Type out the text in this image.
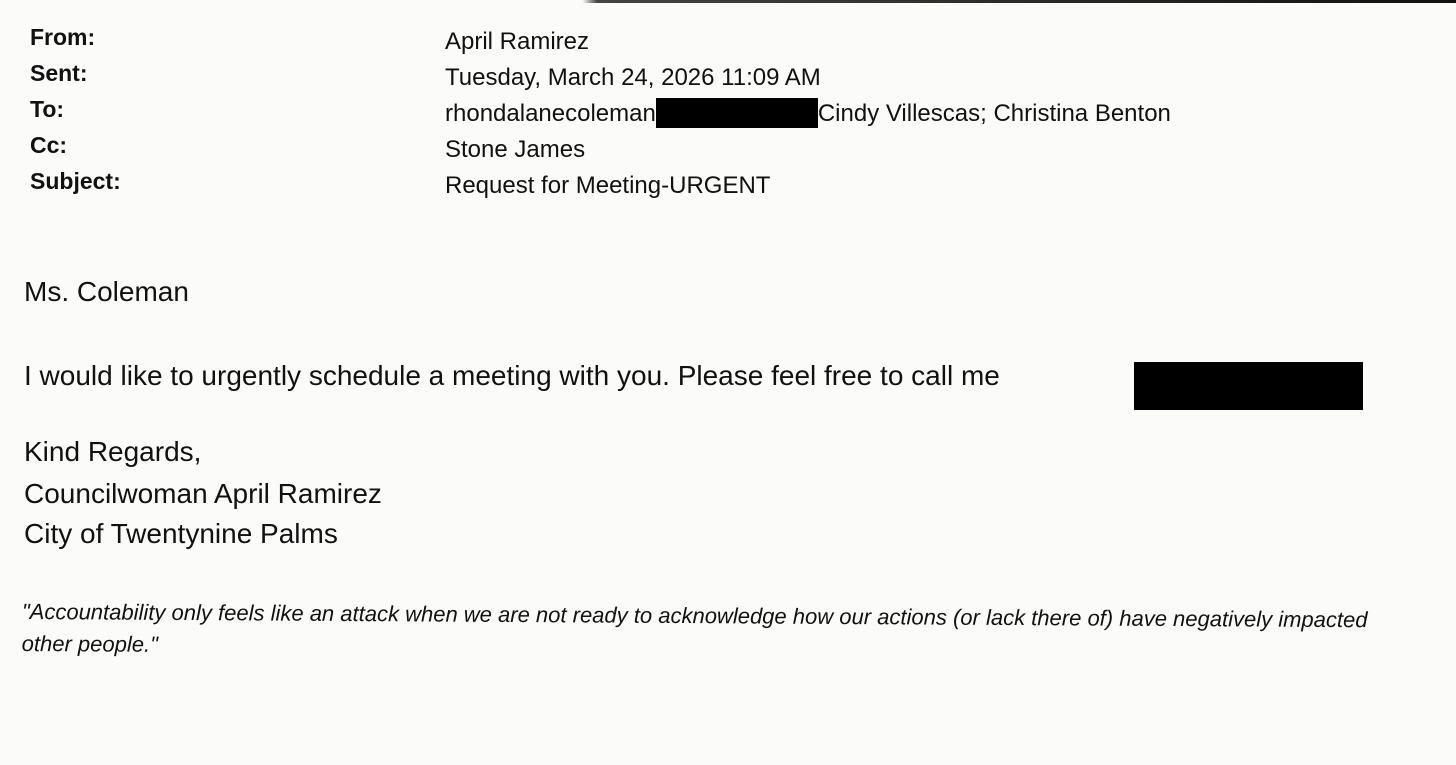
From:	April Ramirez
Sent:	Tuesday, March 24, 2026 11:09 AM
To:	rhondalanecoleman	Cindy Villescas; Christina Benton
Cc:	Stone James
Subject:	Request for Meeting-URGENT
Ms. Coleman
I would like to urgently schedule a meeting with you. Please feel free to call me
Kind Regards,
Councilwoman April Ramirez
City of Twentynine Palms
"Accountability only feels like an attack when we are not ready to acknowledge how our actions (or lack there of) have negatively impacted other people."
